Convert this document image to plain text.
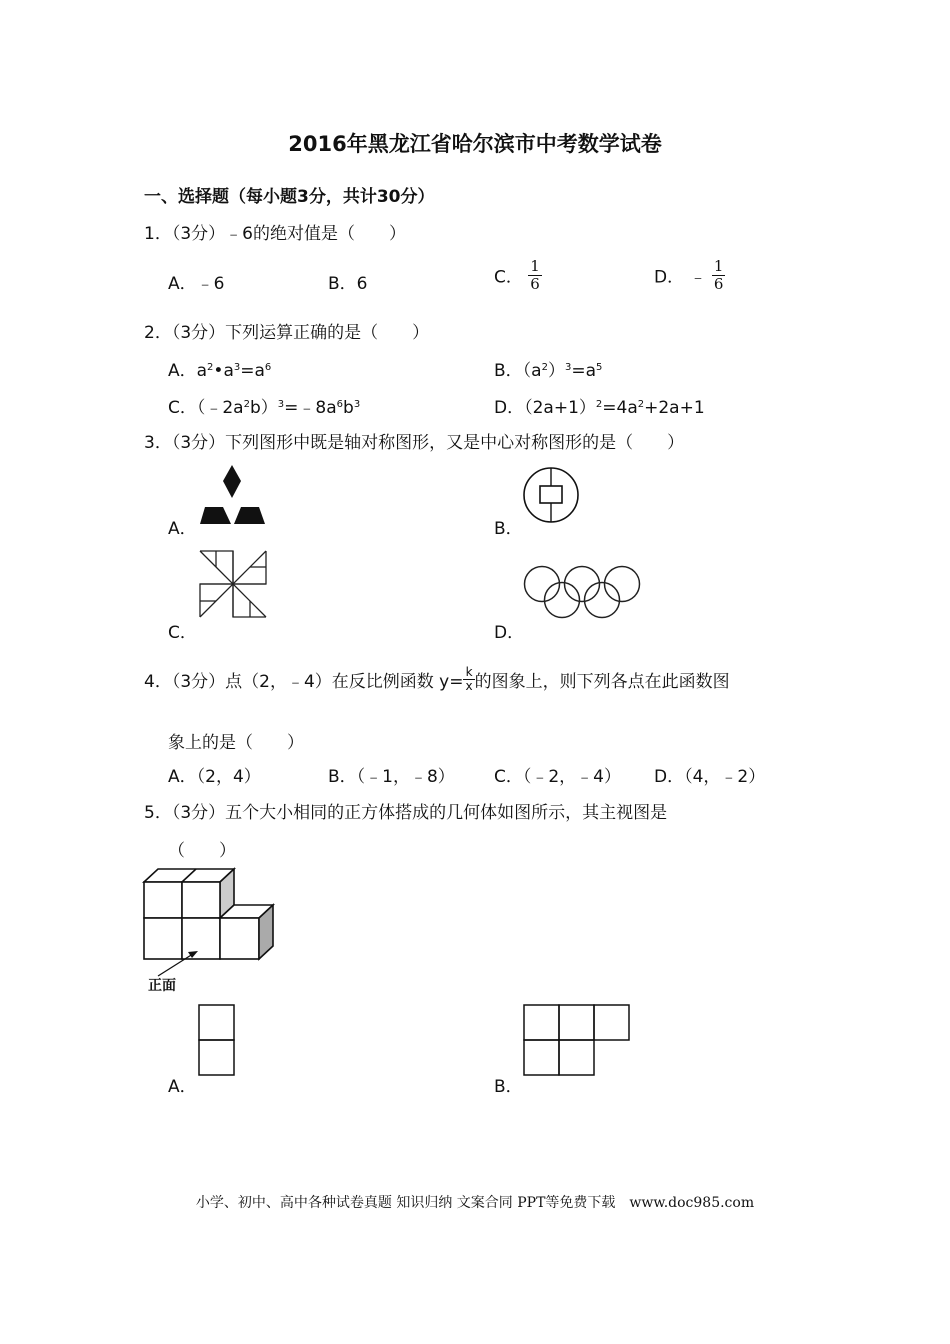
2016年黑龙江省哈尔滨市中考数学试卷
一、选择题（每小题3分，共计30分）
1．（3分）﹣6的绝对值是（　　）
A．﹣6	B．6	C． $\frac{1}{6}$	D． ﹣ $\frac{1}{6}$
2．（3分）下列运算正确的是（　　）
A．$a^2•a^3=a^6$	B．$(a^2)^3=a^5$
C．$(﹣2a^2b)^3=﹣8a^6b^3$	D．$(2a+1)^2=4a^2+2a+1$
3．（3分）下列图形中既是轴对称图形，又是中心对称图形的是（　　）
A．	B．
C．	D．
4．（3分）点（2，﹣4）在反比例函数 $y= \frac{k}{x}$ 的图象上，则下列各点在此函数图
象上的是（　　）
A．（2，4）	B．（﹣1，﹣8） C．（﹣2，﹣4） D．（4，﹣2）
5．（3分）五个大小相同的正方体搭成的几何体如图所示，其主视图是
（　　）
正面
A．	B．
小学、初中、高中各种试卷真题 知识归纳 文案合同 PPT等免费下载　www.doc985.com
